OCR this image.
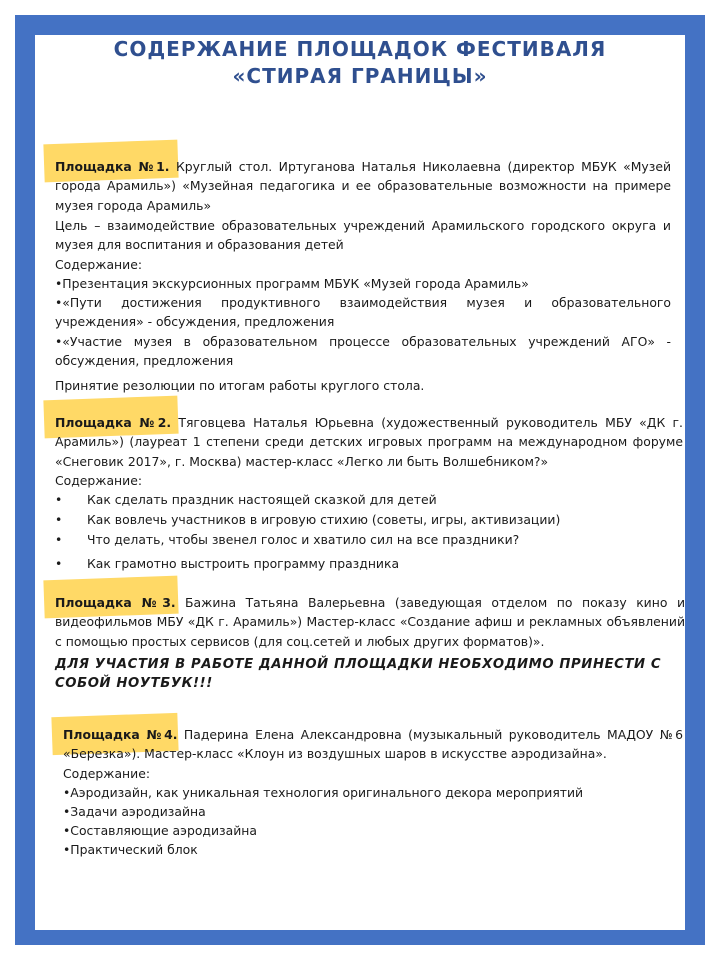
СОДЕРЖАНИЕ ПЛОЩАДОК ФЕСТИВАЛЯ
«СТИРАЯ ГРАНИЦЫ»
Площадка №1. Круглый стол. Иртуганова Наталья Николаевна (директор МБУК «Музей города Арамиль») «Музейная педагогика и ее образовательные возможности на примере музея города Арамиль»
Цель – взаимодействие образовательных учреждений Арамильского городского округа и музея для воспитания и образования детей
Содержание:
•Презентация экскурсионных программ МБУК «Музей города Арамиль»
•«Пути достижения продуктивного взаимодействия музея и образовательного учреждения» - обсуждения, предложения
•«Участие музея в образовательном процессе образовательных учреждений АГО» - обсуждения, предложения
Принятие резолюции по итогам работы круглого стола.
Площадка №2. Тяговцева Наталья Юрьевна (художественный руководитель МБУ «ДК г. Арамиль») (лауреат 1 степени среди детских игровых программ на международном форуме «Снеговик 2017», г. Москва) мастер-класс «Легко ли быть Волшебником?»
Содержание:
• Как сделать праздник настоящей сказкой для детей
• Как вовлечь участников в игровую стихию (советы, игры, активизации)
• Что делать, чтобы звенел голос и хватило сил на все праздники?
• Как грамотно выстроить программу праздника
Площадка №3. Бажина Татьяна Валерьевна (заведующая отделом по показу кино и видеофильмов МБУ «ДК г. Арамиль») Мастер-класс «Создание афиш и рекламных объявлений с помощью простых сервисов (для соц.сетей и любых других форматов)».
ДЛЯ УЧАСТИЯ В РАБОТЕ ДАННОЙ ПЛОЩАДКИ НЕОБХОДИМО ПРИНЕСТИ С СОБОЙ НОУТБУК!!!
Площадка №4. Падерина Елена Александровна (музыкальный руководитель МАДОУ №6 «Березка»). Мастер-класс «Клоун из воздушных шаров в искусстве аэродизайна».
Содержание:
•Аэродизайн, как уникальная технология оригинального декора мероприятий
•Задачи аэродизайна
•Составляющие аэродизайна
•Практический блок
